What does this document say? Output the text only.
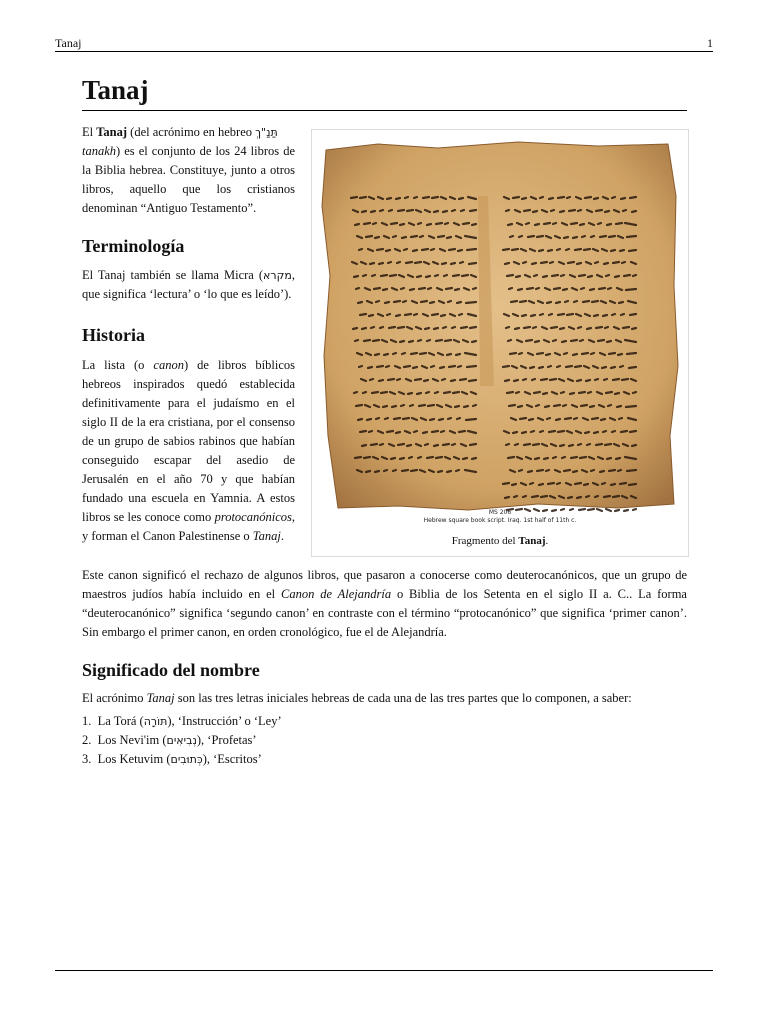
Tanaj	1
Tanaj

El Tanaj (del acrónimo en hebreo תַּנַ"ךְ
tanakh) es el conjunto de los 24 libros de la Biblia hebrea. Constituye, junto a otros libros, aquello que los cristianos denominan “Antiguo Testamento”.

Terminología

El Tanaj también se llama Micra (מקרא, que significa ‘lectura’ o ‘lo que es leído’).

Historia

La lista (o canon) de libros bíblicos hebreos inspirados quedó establecida definitivamente para el judaísmo en el siglo II de la era cristiana, por el consenso de un grupo de sabios rabinos que habían conseguido escapar del asedio de Jerusalén en el año 70 y que habían fundado una escuela en Yamnia. A estos libros se les conoce como protocanónicos, y forman el Canon Palestinense o Tanaj.

MS 206
Hebrew square book script. Iraq. 1st half of 11th c.
Fragmento del Tanaj.

Este canon significó el rechazo de algunos libros, que pasaron a conocerse como deuterocanónicos, que un grupo de maestros judíos había incluido en el Canon de Alejandría o Biblia de los Setenta en el siglo II a. C.. La forma “deuterocanónico” significa ‘segundo canon’ en contraste con el término “protocanónico” que significa ‘primer canon’. Sin embargo el primer canon, en orden cronológico, fue el de Alejandría.

Significado del nombre

El acrónimo Tanaj son las tres letras iniciales hebreas de cada una de las tres partes que lo componen, a saber:

1. La Torá (תּוֹרָה), ‘Instrucción’ o ‘Ley’
2. Los Nevi'im (נְבִיאִים), ‘Profetas’
3. Los Ketuvim (כְּתוּבִים), ‘Escritos’
